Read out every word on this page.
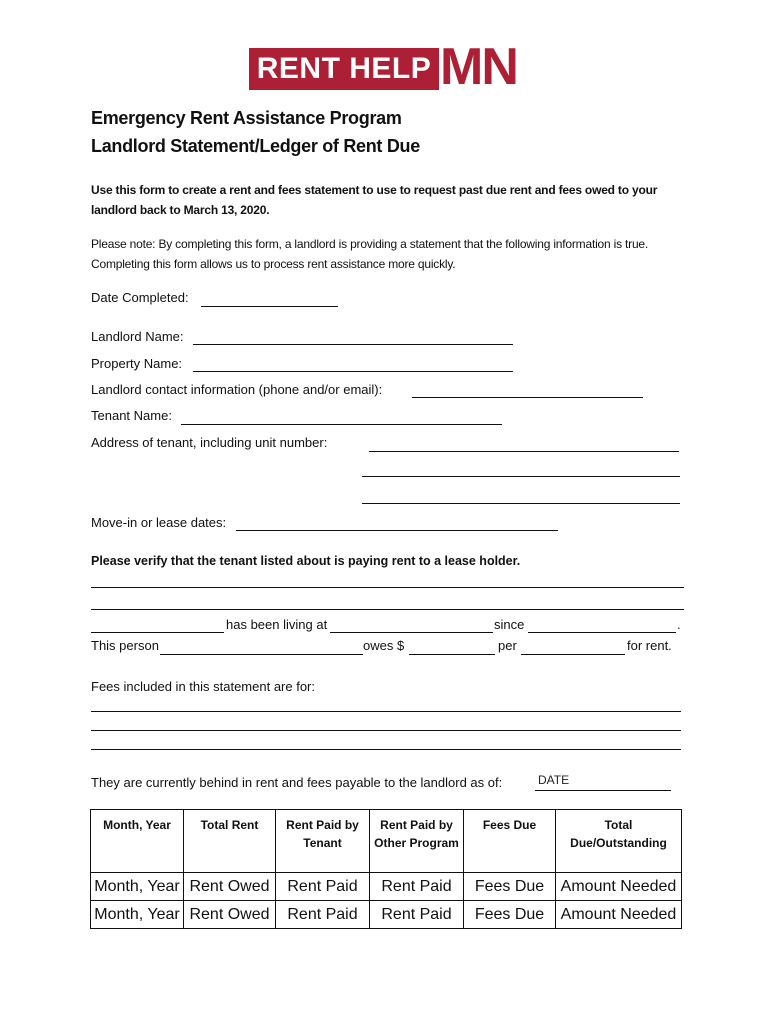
RENT HELP MN
Emergency Rent Assistance Program
Landlord Statement/Ledger of Rent Due
Use this form to create a rent and fees statement to use to request past due rent and fees owed to your landlord back to March 13, 2020.
Please note: By completing this form, a landlord is providing a statement that the following information is true. Completing this form allows us to process rent assistance more quickly.
Date Completed:
Landlord Name:
Property Name:
Landlord contact information (phone and/or email):
Tenant Name:
Address of tenant, including unit number:
Move-in or lease dates:
Please verify that the tenant listed about is paying rent to a lease holder.
has been living at	since	.
This person	owes $	per	for rent.
Fees included in this statement are for:
They are currently behind in rent and fees payable to the landlord as of:	DATE
Month, Year	Total Rent	Rent Paid by Tenant	Rent Paid by Other Program	Fees Due	Total Due/Outstanding
Month, Year	Rent Owed	Rent Paid	Rent Paid	Fees Due	Amount Needed
Month, Year	Rent Owed	Rent Paid	Rent Paid	Fees Due	Amount Needed
